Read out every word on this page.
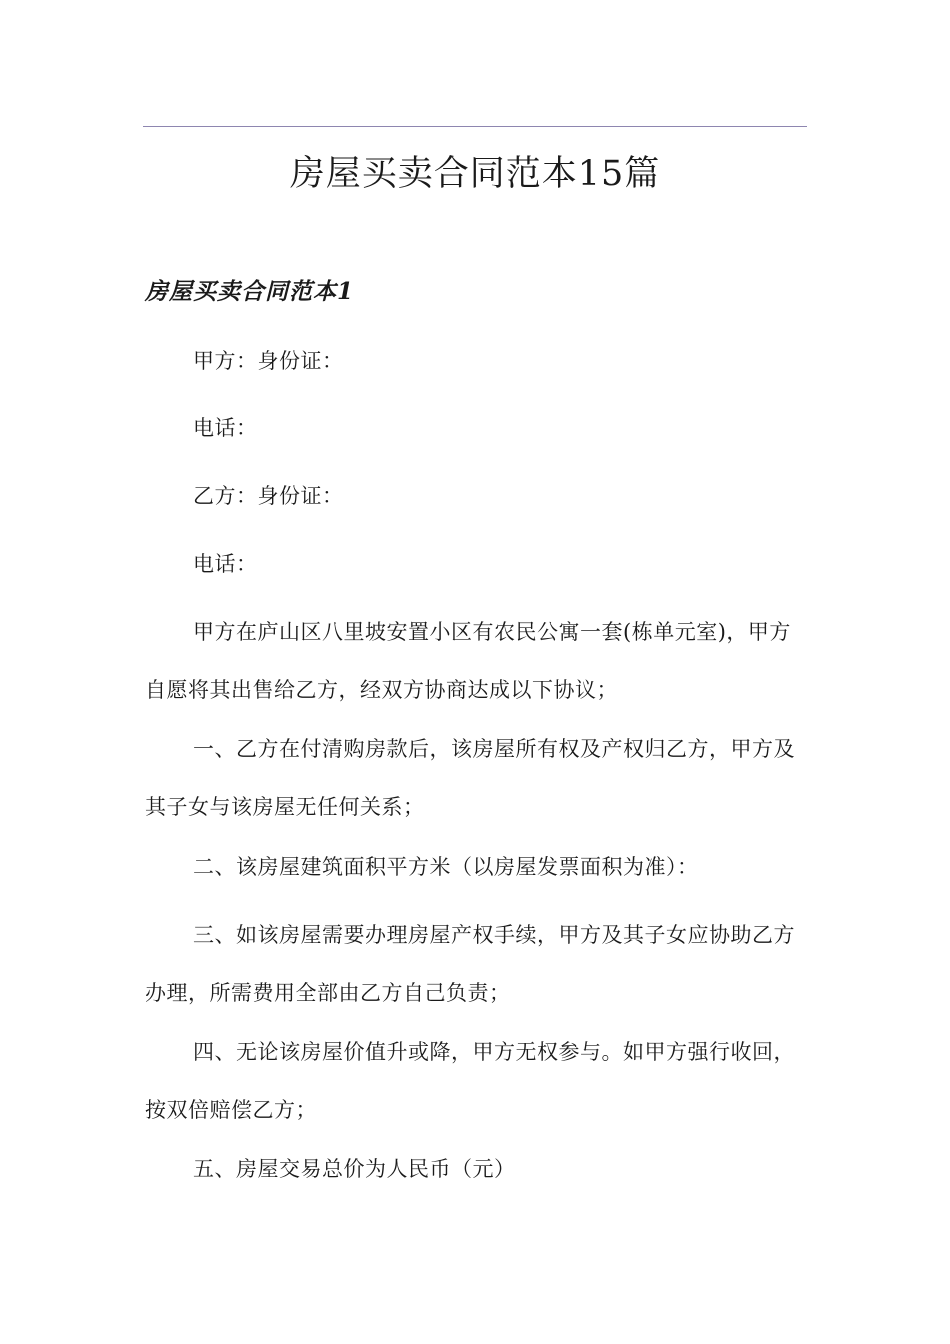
房屋买卖合同范本15篇
房屋买卖合同范本1

甲方：身份证：

电话：

乙方：身份证：

电话：

甲方在庐山区八里坡安置小区有农民公寓一套(栋单元室)，甲方自愿将其出售给乙方，经双方协商达成以下协议；

一、乙方在付清购房款后，该房屋所有权及产权归乙方，甲方及其子女与该房屋无任何关系；

二、该房屋建筑面积平方米（以房屋发票面积为准）：

三、如该房屋需要办理房屋产权手续，甲方及其子女应协助乙方办理，所需费用全部由乙方自己负责；

四、无论该房屋价值升或降，甲方无权参与。如甲方强行收回，按双倍赔偿乙方；

五、房屋交易总价为人民币（元）
